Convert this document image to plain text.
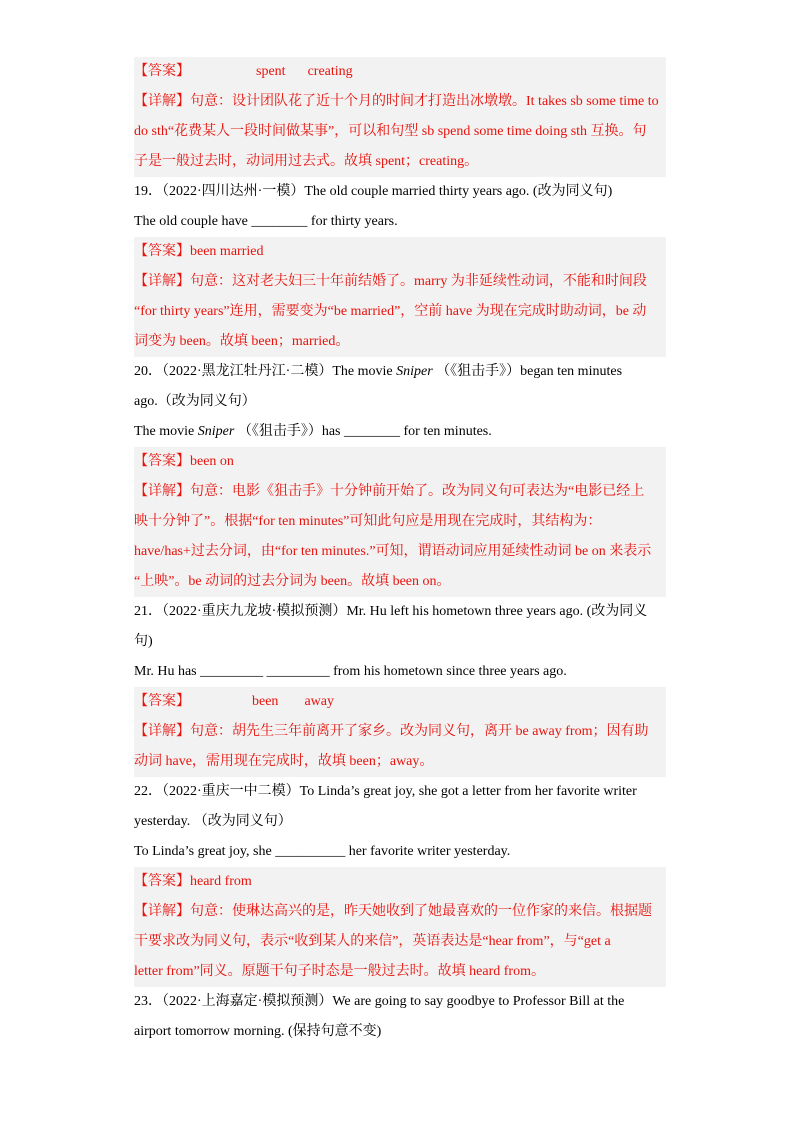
【答案】	spent creating
【详解】句意：设计团队花了近十个月的时间才打造出冰墩墩。It takes sb some time to
do sth“花费某人一段时间做某事”，可以和句型 sb spend some time doing sth 互换。句
子是一般过去时，动词用过去式。故填 spent；creating。
19．（2022·四川达州·一模）The old couple married thirty years ago. (改为同义句)
The old couple have ________ for thirty years.
【答案】been married
【详解】句意：这对老夫妇三十年前结婚了。marry 为非延续性动词，不能和时间段
“for thirty years”连用，需要变为“be married”，空前 have 为现在完成时助动词，be 动
词变为 been。故填 been；married。
20．（2022·黑龙江牡丹江·二模）The movie Sniper （《狙击手》）began ten minutes
ago.（改为同义句）
The movie Sniper （《狙击手》）has ________ for ten minutes.
【答案】been on
【详解】句意：电影《狙击手》十分钟前开始了。改为同义句可表达为“电影已经上
映十分钟了”。根据“for ten minutes”可知此句应是用现在完成时，其结构为：
have/has+过去分词，由“for ten minutes.”可知，谓语动词应用延续性动词 be on 来表示
“上映”。be 动词的过去分词为 been。故填 been on。
21．（2022·重庆九龙坡·模拟预测）Mr. Hu left his hometown three years ago. (改为同义
句)
Mr. Hu has _________ _________ from his hometown since three years ago.
【答案】	been away
【详解】句意：胡先生三年前离开了家乡。改为同义句，离开 be away from；因有助
动词 have，需用现在完成时，故填 been；away。
22．（2022·重庆一中二模）To Linda’s great joy, she got a letter from her favorite writer
yesterday. （改为同义句）
To Linda’s great joy, she __________ her favorite writer yesterday.
【答案】heard from
【详解】句意：使琳达高兴的是，昨天她收到了她最喜欢的一位作家的来信。根据题
干要求改为同义句，表示“收到某人的来信”，英语表达是“hear from”，与“get a
letter from”同义。原题干句子时态是一般过去时。故填 heard from。
23．（2022·上海嘉定·模拟预测）We are going to say goodbye to Professor Bill at the
airport tomorrow morning. (保持句意不变)
